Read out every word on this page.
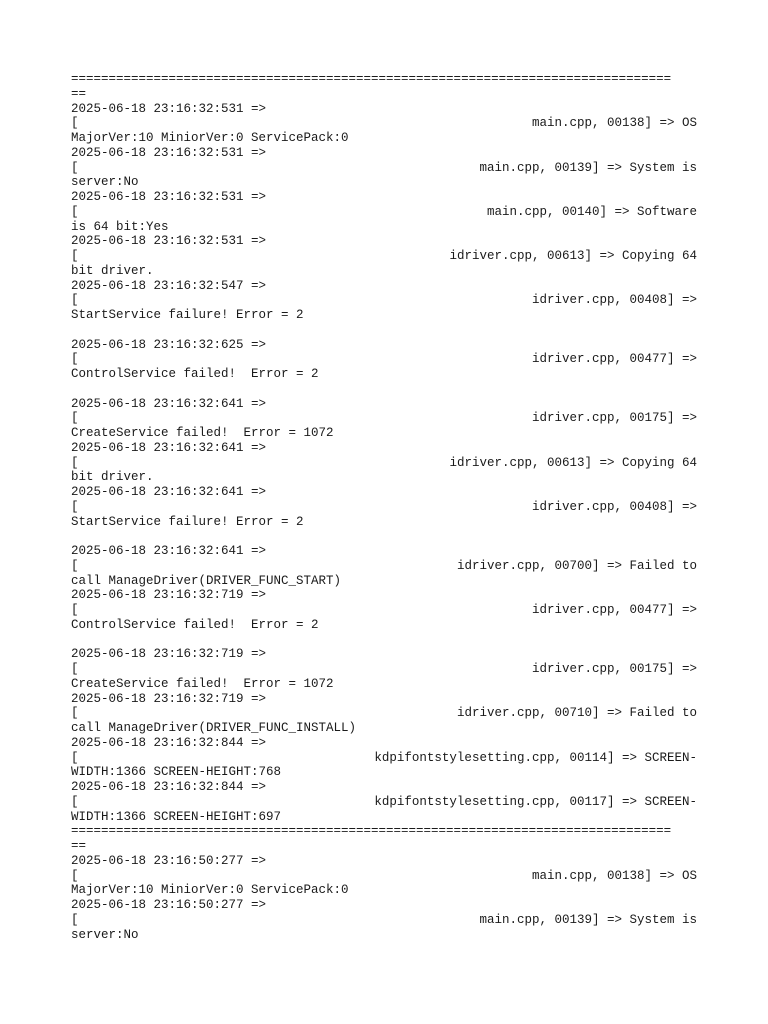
================================================================================
==
2025-06-18 23:16:32:531 =>
[	main.cpp, 00138] => OS
MajorVer:10 MiniorVer:0 ServicePack:0
2025-06-18 23:16:32:531 =>
[	main.cpp, 00139] => System is
server:No
2025-06-18 23:16:32:531 =>
[	main.cpp, 00140] => Software
is 64 bit:Yes
2025-06-18 23:16:32:531 =>
[	idriver.cpp, 00613] => Copying 64
bit driver.
2025-06-18 23:16:32:547 =>
[	idriver.cpp, 00408] =>
StartService failure! Error = 2
2025-06-18 23:16:32:625 =>
[	idriver.cpp, 00477] =>
ControlService failed!  Error = 2
2025-06-18 23:16:32:641 =>
[	idriver.cpp, 00175] =>
CreateService failed!  Error = 1072
2025-06-18 23:16:32:641 =>
[	idriver.cpp, 00613] => Copying 64
bit driver.
2025-06-18 23:16:32:641 =>
[	idriver.cpp, 00408] =>
StartService failure! Error = 2
2025-06-18 23:16:32:641 =>
[	idriver.cpp, 00700] => Failed to
call ManageDriver(DRIVER_FUNC_START)
2025-06-18 23:16:32:719 =>
[	idriver.cpp, 00477] =>
ControlService failed!  Error = 2
2025-06-18 23:16:32:719 =>
[	idriver.cpp, 00175] =>
CreateService failed!  Error = 1072
2025-06-18 23:16:32:719 =>
[	idriver.cpp, 00710] => Failed to
call ManageDriver(DRIVER_FUNC_INSTALL)
2025-06-18 23:16:32:844 =>
[	kdpifontstylesetting.cpp, 00114] => SCREEN-
WIDTH:1366 SCREEN-HEIGHT:768
2025-06-18 23:16:32:844 =>
[	kdpifontstylesetting.cpp, 00117] => SCREEN-
WIDTH:1366 SCREEN-HEIGHT:697
================================================================================
==
2025-06-18 23:16:50:277 =>
[	main.cpp, 00138] => OS
MajorVer:10 MiniorVer:0 ServicePack:0
2025-06-18 23:16:50:277 =>
[	main.cpp, 00139] => System is
server:No
